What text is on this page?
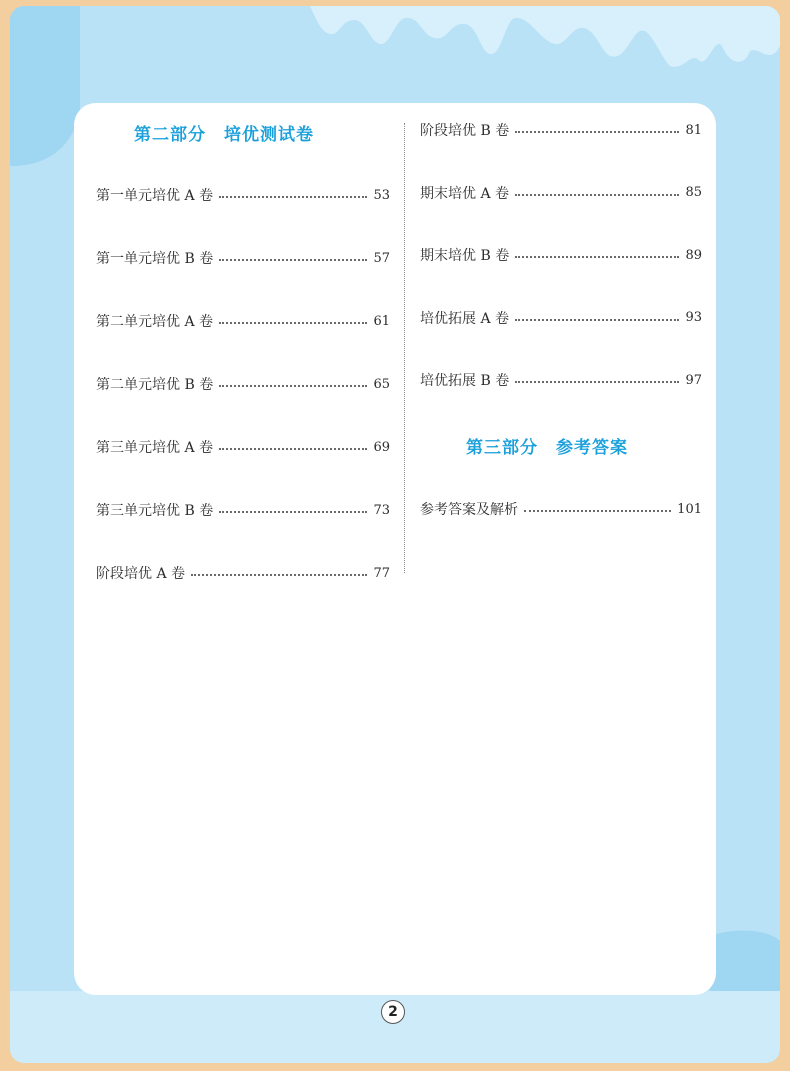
第二部分　培优测试卷
第一单元培优 A 卷	53
第一单元培优 B 卷	57
第二单元培优 A 卷	61
第二单元培优 B 卷	65
第三单元培优 A 卷	69
第三单元培优 B 卷	73
阶段培优 A 卷	77
阶段培优 B 卷	81
期末培优 A 卷	85
期末培优 B 卷	89
培优拓展 A 卷	93
培优拓展 B 卷	97
第三部分　参考答案
参考答案及解析	101
2
